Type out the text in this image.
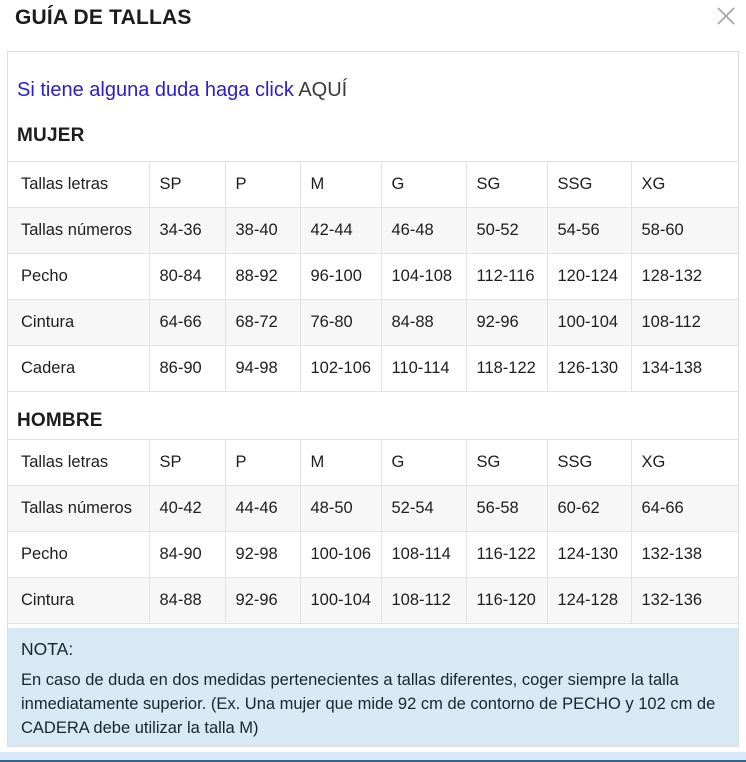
GUÍA DE TALLAS

Si tiene alguna duda haga click AQUÍ

MUJER
Tallas letras	SP	P	M	G	SG	SSG	XG
Tallas números	34-36	38-40	42-44	46-48	50-52	54-56	58-60
Pecho	80-84	88-92	96-100	104-108	112-116	120-124	128-132
Cintura	64-66	68-72	76-80	84-88	92-96	100-104	108-112
Cadera	86-90	94-98	102-106	110-114	118-122	126-130	134-138
HOMBRE
Tallas letras	SP	P	M	G	SG	SSG	XG
Tallas números	40-42	44-46	48-50	52-54	56-58	60-62	64-66
Pecho	84-90	92-98	100-106	108-114	116-122	124-130	132-138
Cintura	84-88	92-96	100-104	108-112	116-120	124-128	132-136
NOTA:

En caso de duda en dos medidas pertenecientes a tallas diferentes, coger siempre la talla inmediatamente superior. (Ex. Una mujer que mide 92 cm de contorno de PECHO y 102 cm de CADERA debe utilizar la talla M)
